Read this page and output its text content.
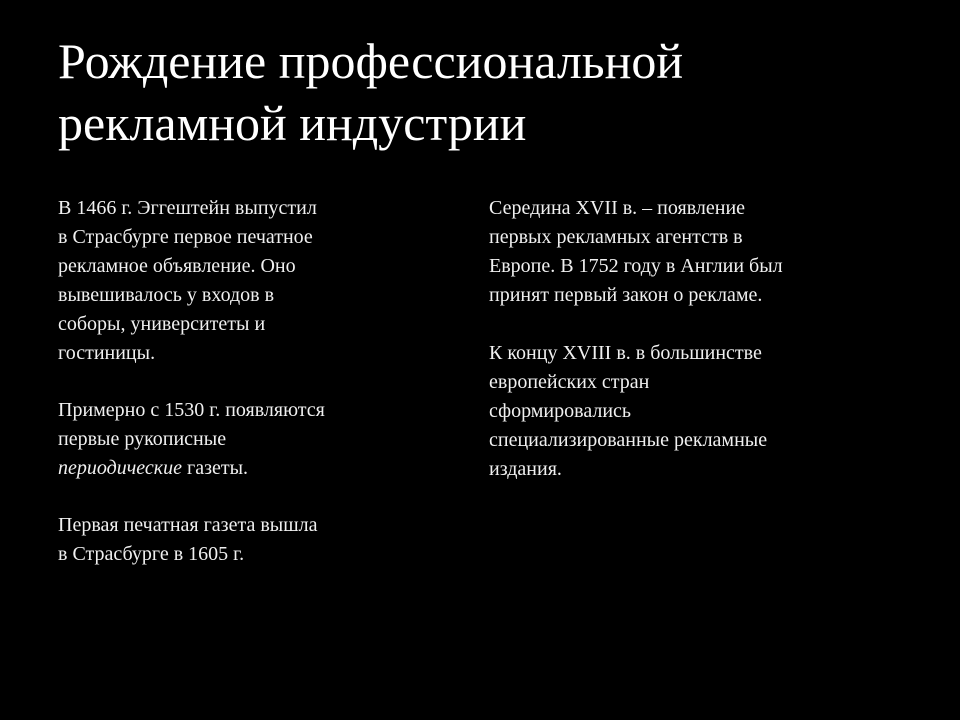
Рождение профессиональной
рекламной индустрии

В 1466 г. Эггештейн выпустил
в Страсбурге первое печатное
рекламное объявление. Оно
вывешивалось у входов в
соборы, университеты и
гостиницы.

Примерно с 1530 г. появляются
первые рукописные
периодические газеты.

Первая печатная газета вышла
в Страсбурге в 1605 г.

Середина XVII в. – появление
первых рекламных агентств в
Европе. В 1752 году в Англии был
принят первый закон о рекламе.

К концу XVIII в. в большинстве
европейских стран
сформировались
специализированные рекламные
издания.
